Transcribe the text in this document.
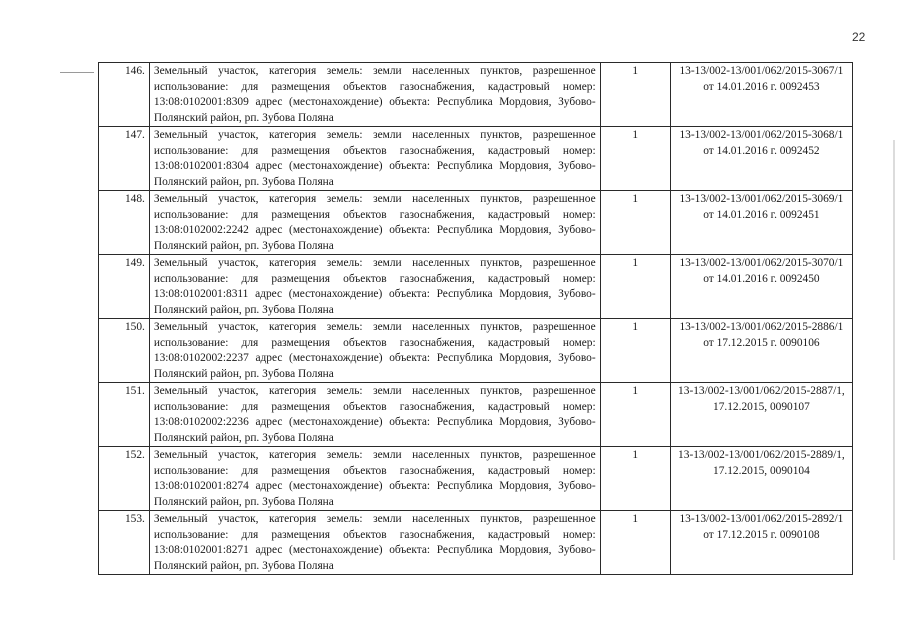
22
146.	Земельный участок, категория земель: земли населенных пунктов, разрешенное использование: для размещения объектов газоснабжения, кадастровый номер: 13:08:0102001:8309 адрес (местонахождение) объекта: Республика Мордовия, Зубово-Полянский район, рп. Зубова Поляна	1	13-13/002-13/001/062/2015-3067/1 от 14.01.2016 г. 0092453
147.	Земельный участок, категория земель: земли населенных пунктов, разрешенное использование: для размещения объектов газоснабжения, кадастровый номер: 13:08:0102001:8304 адрес (местонахождение) объекта: Республика Мордовия, Зубово-Полянский район, рп. Зубова Поляна	1	13-13/002-13/001/062/2015-3068/1 от 14.01.2016 г. 0092452
148.	Земельный участок, категория земель: земли населенных пунктов, разрешенное использование: для размещения объектов газоснабжения, кадастровый номер: 13:08:0102002:2242 адрес (местонахождение) объекта: Республика Мордовия, Зубово-Полянский район, рп. Зубова Поляна	1	13-13/002-13/001/062/2015-3069/1 от 14.01.2016 г. 0092451
149.	Земельный участок, категория земель: земли населенных пунктов, разрешенное использование: для размещения объектов газоснабжения, кадастровый номер: 13:08:0102001:8311 адрес (местонахождение) объекта: Республика Мордовия, Зубово-Полянский район, рп. Зубова Поляна	1	13-13/002-13/001/062/2015-3070/1 от 14.01.2016 г. 0092450
150.	Земельный участок, категория земель: земли населенных пунктов, разрешенное использование: для размещения объектов газоснабжения, кадастровый номер: 13:08:0102002:2237 адрес (местонахождение) объекта: Республика Мордовия, Зубово-Полянский район, рп. Зубова Поляна	1	13-13/002-13/001/062/2015-2886/1 от 17.12.2015 г. 0090106
151.	Земельный участок, категория земель: земли населенных пунктов, разрешенное использование: для размещения объектов газоснабжения, кадастровый номер: 13:08:0102002:2236 адрес (местонахождение) объекта: Республика Мордовия, Зубово-Полянский район, рп. Зубова Поляна	1	13-13/002-13/001/062/2015-2887/1, 17.12.2015, 0090107
152.	Земельный участок, категория земель: земли населенных пунктов, разрешенное использование: для размещения объектов газоснабжения, кадастровый номер: 13:08:0102001:8274 адрес (местонахождение) объекта: Республика Мордовия, Зубово-Полянский район, рп. Зубова Поляна	1	13-13/002-13/001/062/2015-2889/1, 17.12.2015, 0090104
153.	Земельный участок, категория земель: земли населенных пунктов, разрешенное использование: для размещения объектов газоснабжения, кадастровый номер: 13:08:0102001:8271 адрес (местонахождение) объекта: Республика Мордовия, Зубово-Полянский район, рп. Зубова Поляна	1	13-13/002-13/001/062/2015-2892/1 от 17.12.2015 г. 0090108
